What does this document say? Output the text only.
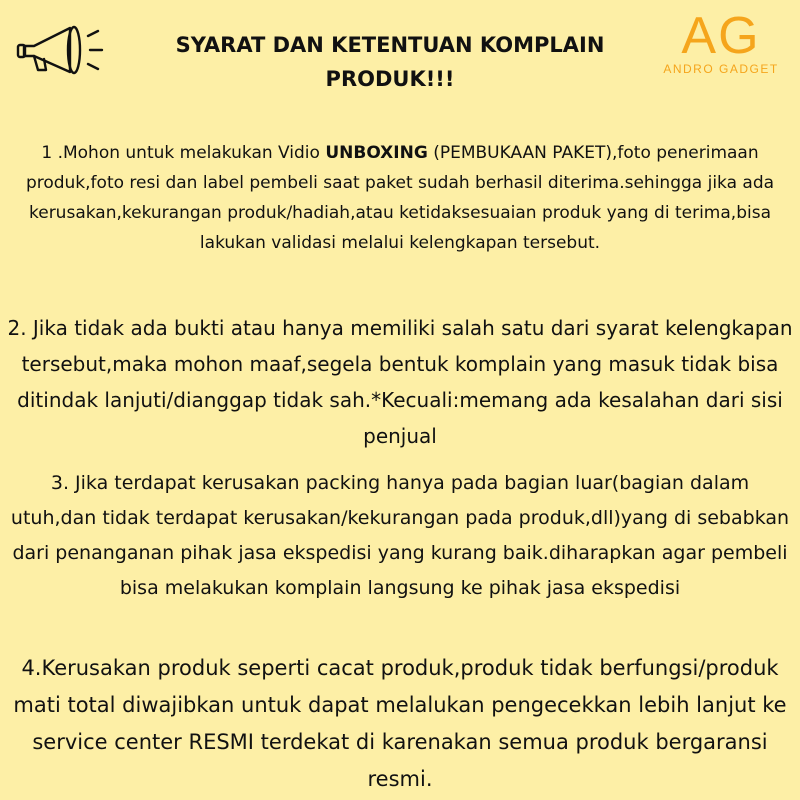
SYARAT DAN KETENTUAN KOMPLAIN
PRODUK!!!
AG
ANDRO GADGET
1 .Mohon untuk melakukan Vidio UNBOXING (PEMBUKAAN PAKET),foto penerimaan produk,foto resi dan label pembeli saat paket sudah berhasil diterima.sehingga jika ada kerusakan,kekurangan produk/hadiah,atau ketidaksesuaian produk yang di terima,bisa lakukan validasi melalui kelengkapan tersebut.
2. Jika tidak ada bukti atau hanya memiliki salah satu dari syarat kelengkapan tersebut,maka mohon maaf,segela bentuk komplain yang masuk tidak bisa ditindak lanjuti/dianggap tidak sah.*Kecuali:memang ada kesalahan dari sisi penjual
3. Jika terdapat kerusakan packing hanya pada bagian luar(bagian dalam utuh,dan tidak terdapat kerusakan/kekurangan pada produk,dll)yang di sebabkan dari penanganan pihak jasa ekspedisi yang kurang baik.diharapkan agar pembeli bisa melakukan komplain langsung ke pihak jasa ekspedisi
4.Kerusakan produk seperti cacat produk,produk tidak berfungsi/produk mati total diwajibkan untuk dapat melalukan pengecekkan lebih lanjut ke service center RESMI terdekat di karenakan semua produk bergaransi resmi.
